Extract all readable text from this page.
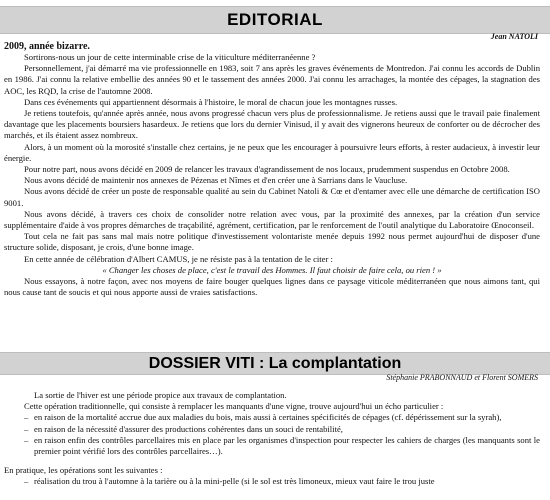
EDITORIAL
Jean NATOLI

2009, année bizarre.

Sortirons-nous un jour de cette interminable crise de la viticulture méditerranéenne ?

Personnellement, j'ai démarré ma vie professionnelle en 1983, soit 7 ans après les graves événements de Montredon. J'ai connu les accords de Dublin en 1986. J'ai connu la relative embellie des années 90 et le tassement des années 2000. J'ai connu les arrachages, la montée des cépages, la stagnation des AOC, les RQD, la crise de l'automne 2008.

Dans ces événements qui appartiennent désormais à l'histoire, le moral de chacun joue les montagnes russes.

Je retiens toutefois, qu'année après année, nous avons progressé chacun vers plus de professionnalisme. Je retiens aussi que le travail paie finalement davantage que les placements boursiers hasardeux. Je retiens que lors du dernier Vinisud, il y avait des vignerons heureux de conforter ou de décrocher des marchés, et ils étaient assez nombreux.

Alors, à un moment où la morosité s'installe chez certains, je ne peux que les encourager à poursuivre leurs efforts, à rester audacieux, à investir leur énergie.

Pour notre part, nous avons décidé en 2009 de relancer les travaux d'agrandissement de nos locaux, prudemment suspendus en Octobre 2008.

Nous avons décidé de maintenir nos annexes de Pézenas et Nîmes et d'en créer une à Sarrians dans le Vaucluse.

Nous avons décidé de créer un poste de responsable qualité au sein du Cabinet Natoli & Cœ et d'entamer avec elle une démarche de certification ISO 9001.

Nous avons décidé, à travers ces choix de consolider notre relation avec vous, par la proximité des annexes, par la création d'un service supplémentaire d'aide à vos propres démarches de traçabilité, agrément, certification, par le renforcement de l'outil analytique du Laboratoire Œnoconseil.

Tout cela ne fait pas sans mal mais notre politique d'investissement volontariste menée depuis 1992 nous permet aujourd'hui de disposer d'une structure solide, disposant, je crois, d'une bonne image.

En cette année de célébration d'Albert CAMUS, je ne résiste pas à la tentation de le citer :

« Changer les choses de place, c'est le travail des Hommes. Il faut choisir de faire cela, ou rien ! »

Nous essayons, à notre façon, avec nos moyens de faire bouger quelques lignes dans ce paysage viticole méditerranéen que nous aimons tant, qui nous cause tant de soucis et qui nous apporte aussi de vraies satisfactions.

DOSSIER VITI : La complantation
Stéphanie PRABONNAUD et Florent SOMERS

La sortie de l'hiver est une période propice aux travaux de complantation.

Cette opération traditionnelle, qui consiste à remplacer les manquants d'une vigne, trouve aujourd'hui un écho particulier :

– en raison de la mortalité accrue due aux maladies du bois, mais aussi à certaines spécificités de cépages (cf. dépérissement sur la syrah),
– en raison de la nécessité d'assurer des productions cohérentes dans un souci de rentabilité,
– en raison enfin des contrôles parcellaires mis en place par les organismes d'inspection pour respecter les cahiers de charges (les manquants sont le premier point vérifié lors des contrôles parcellaires…).

En pratique, les opérations sont les suivantes :

– réalisation du trou à l'automne à la tarière ou à la mini-pelle (si le sol est très limoneux, mieux vaut faire le trou juste
